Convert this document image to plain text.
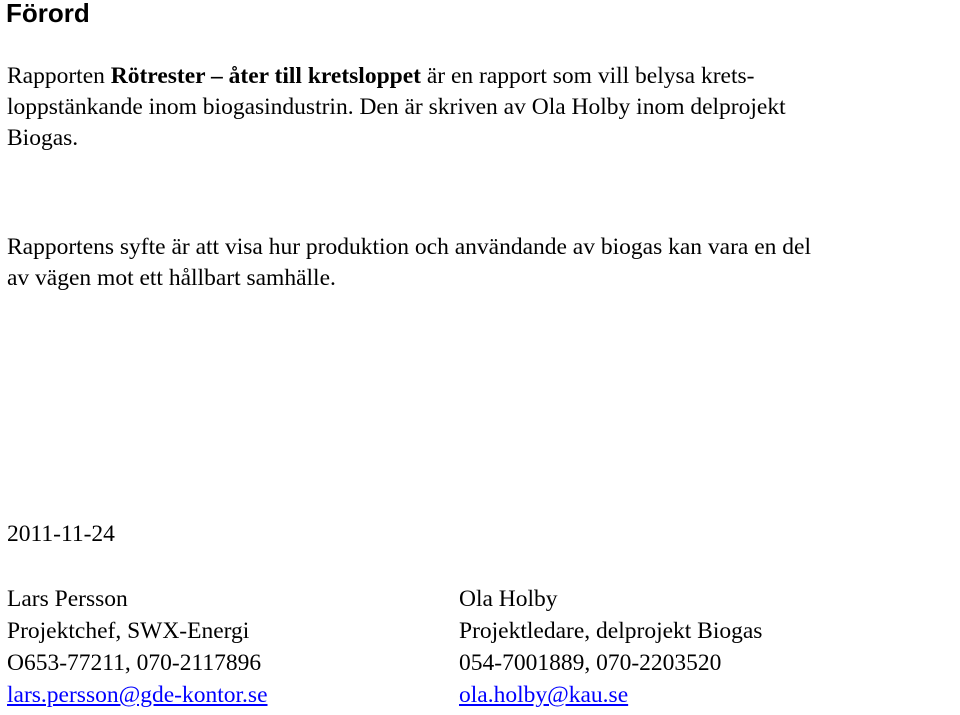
Förord

Rapporten Rötrester – åter till kretsloppet är en rapport som vill belysa krets-
loppstänkande inom biogasindustrin. Den är skriven av Ola Holby inom delprojekt
Biogas.

Rapportens syfte är att visa hur produktion och användande av biogas kan vara en del
av vägen mot ett hållbart samhälle.

2011-11-24

Lars Persson
Projektchef, SWX-Energi
O653-77211, 070-2117896
lars.persson@gde-kontor.se
Ola Holby
Projektledare, delprojekt Biogas
054-7001889, 070-2203520
ola.holby@kau.se
